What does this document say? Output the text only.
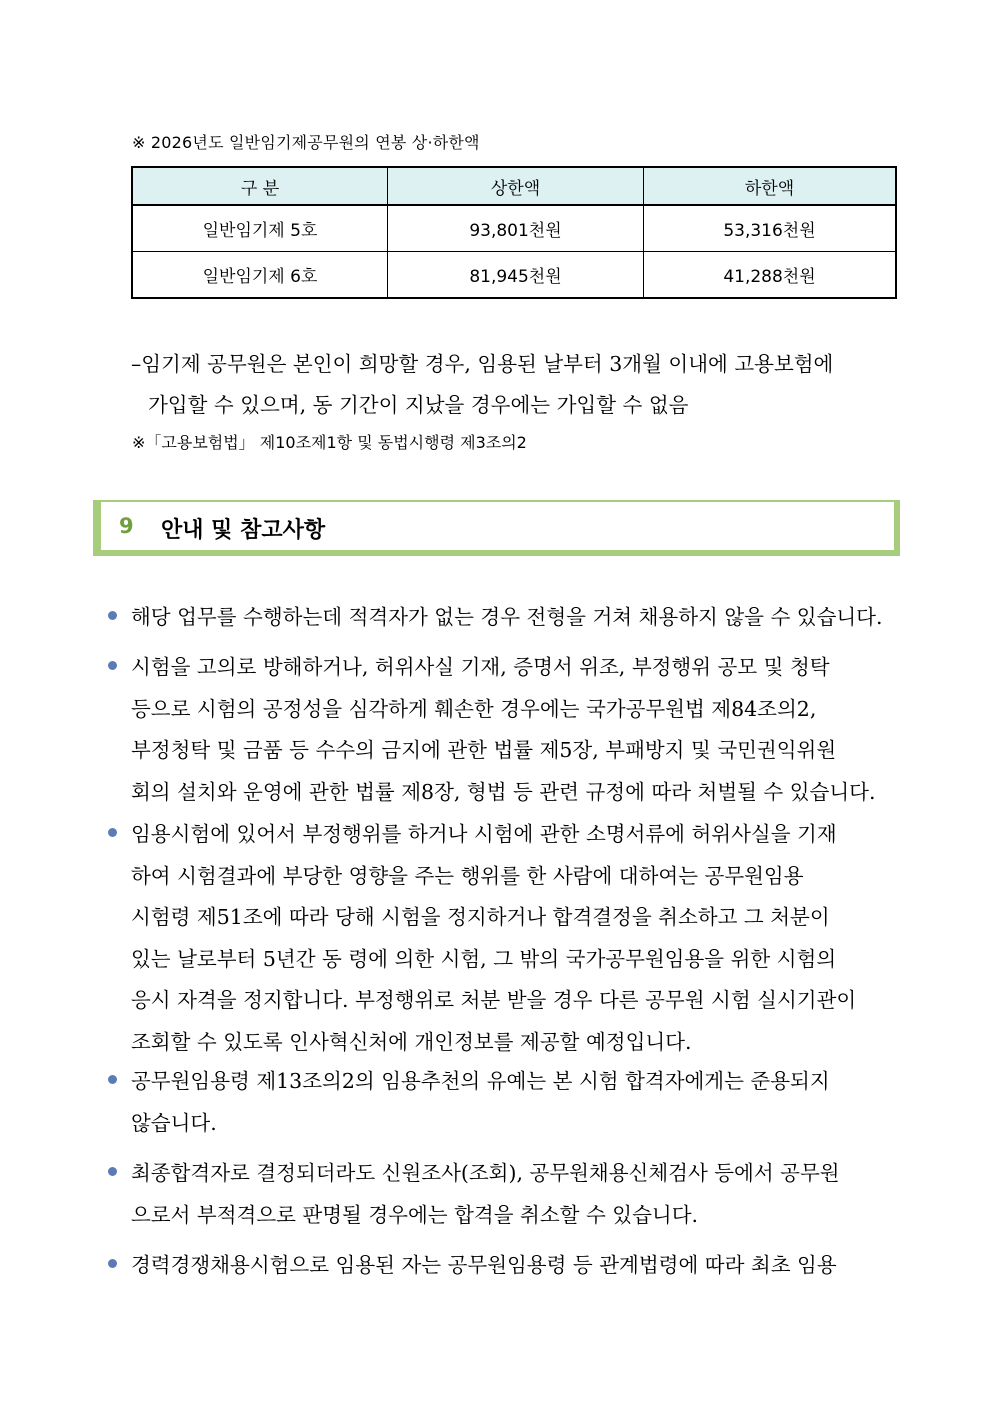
※ 2026년도 일반임기제공무원의 연봉 상·하한액
구 분	상한액	하한액
일반임기제 5호	93,801천원	53,316천원
일반임기제 6호	81,945천원	41,288천원
–임기제 공무원은 본인이 희망할 경우, 임용된 날부터 3개월 이내에 고용보험에
가입할 수 있으며, 동 기간이 지났을 경우에는 가입할 수 없음
※「고용보험법」 제10조제1항 및 동법시행령 제3조의2
9 안내 및 참고사항
해당 업무를 수행하는데 적격자가 없는 경우 전형을 거쳐 채용하지 않을 수 있습니다.
시험을 고의로 방해하거나, 허위사실 기재, 증명서 위조, 부정행위 공모 및 청탁
등으로 시험의 공정성을 심각하게 훼손한 경우에는 국가공무원법 제84조의2,
부정청탁 및 금품 등 수수의 금지에 관한 법률 제5장, 부패방지 및 국민권익위원
회의 설치와 운영에 관한 법률 제8장, 형법 등 관련 규정에 따라 처벌될 수 있습니다.
임용시험에 있어서 부정행위를 하거나 시험에 관한 소명서류에 허위사실을 기재
하여 시험결과에 부당한 영향을 주는 행위를 한 사람에 대하여는 공무원임용
시험령 제51조에 따라 당해 시험을 정지하거나 합격결정을 취소하고 그 처분이
있는 날로부터 5년간 동 령에 의한 시험, 그 밖의 국가공무원임용을 위한 시험의
응시 자격을 정지합니다. 부정행위로 처분 받을 경우 다른 공무원 시험 실시기관이
조회할 수 있도록 인사혁신처에 개인정보를 제공할 예정입니다.
공무원임용령 제13조의2의 임용추천의 유예는 본 시험 합격자에게는 준용되지
않습니다.
최종합격자로 결정되더라도 신원조사(조회), 공무원채용신체검사 등에서 공무원
으로서 부적격으로 판명될 경우에는 합격을 취소할 수 있습니다.
경력경쟁채용시험으로 임용된 자는 공무원임용령 등 관계법령에 따라 최초 임용
